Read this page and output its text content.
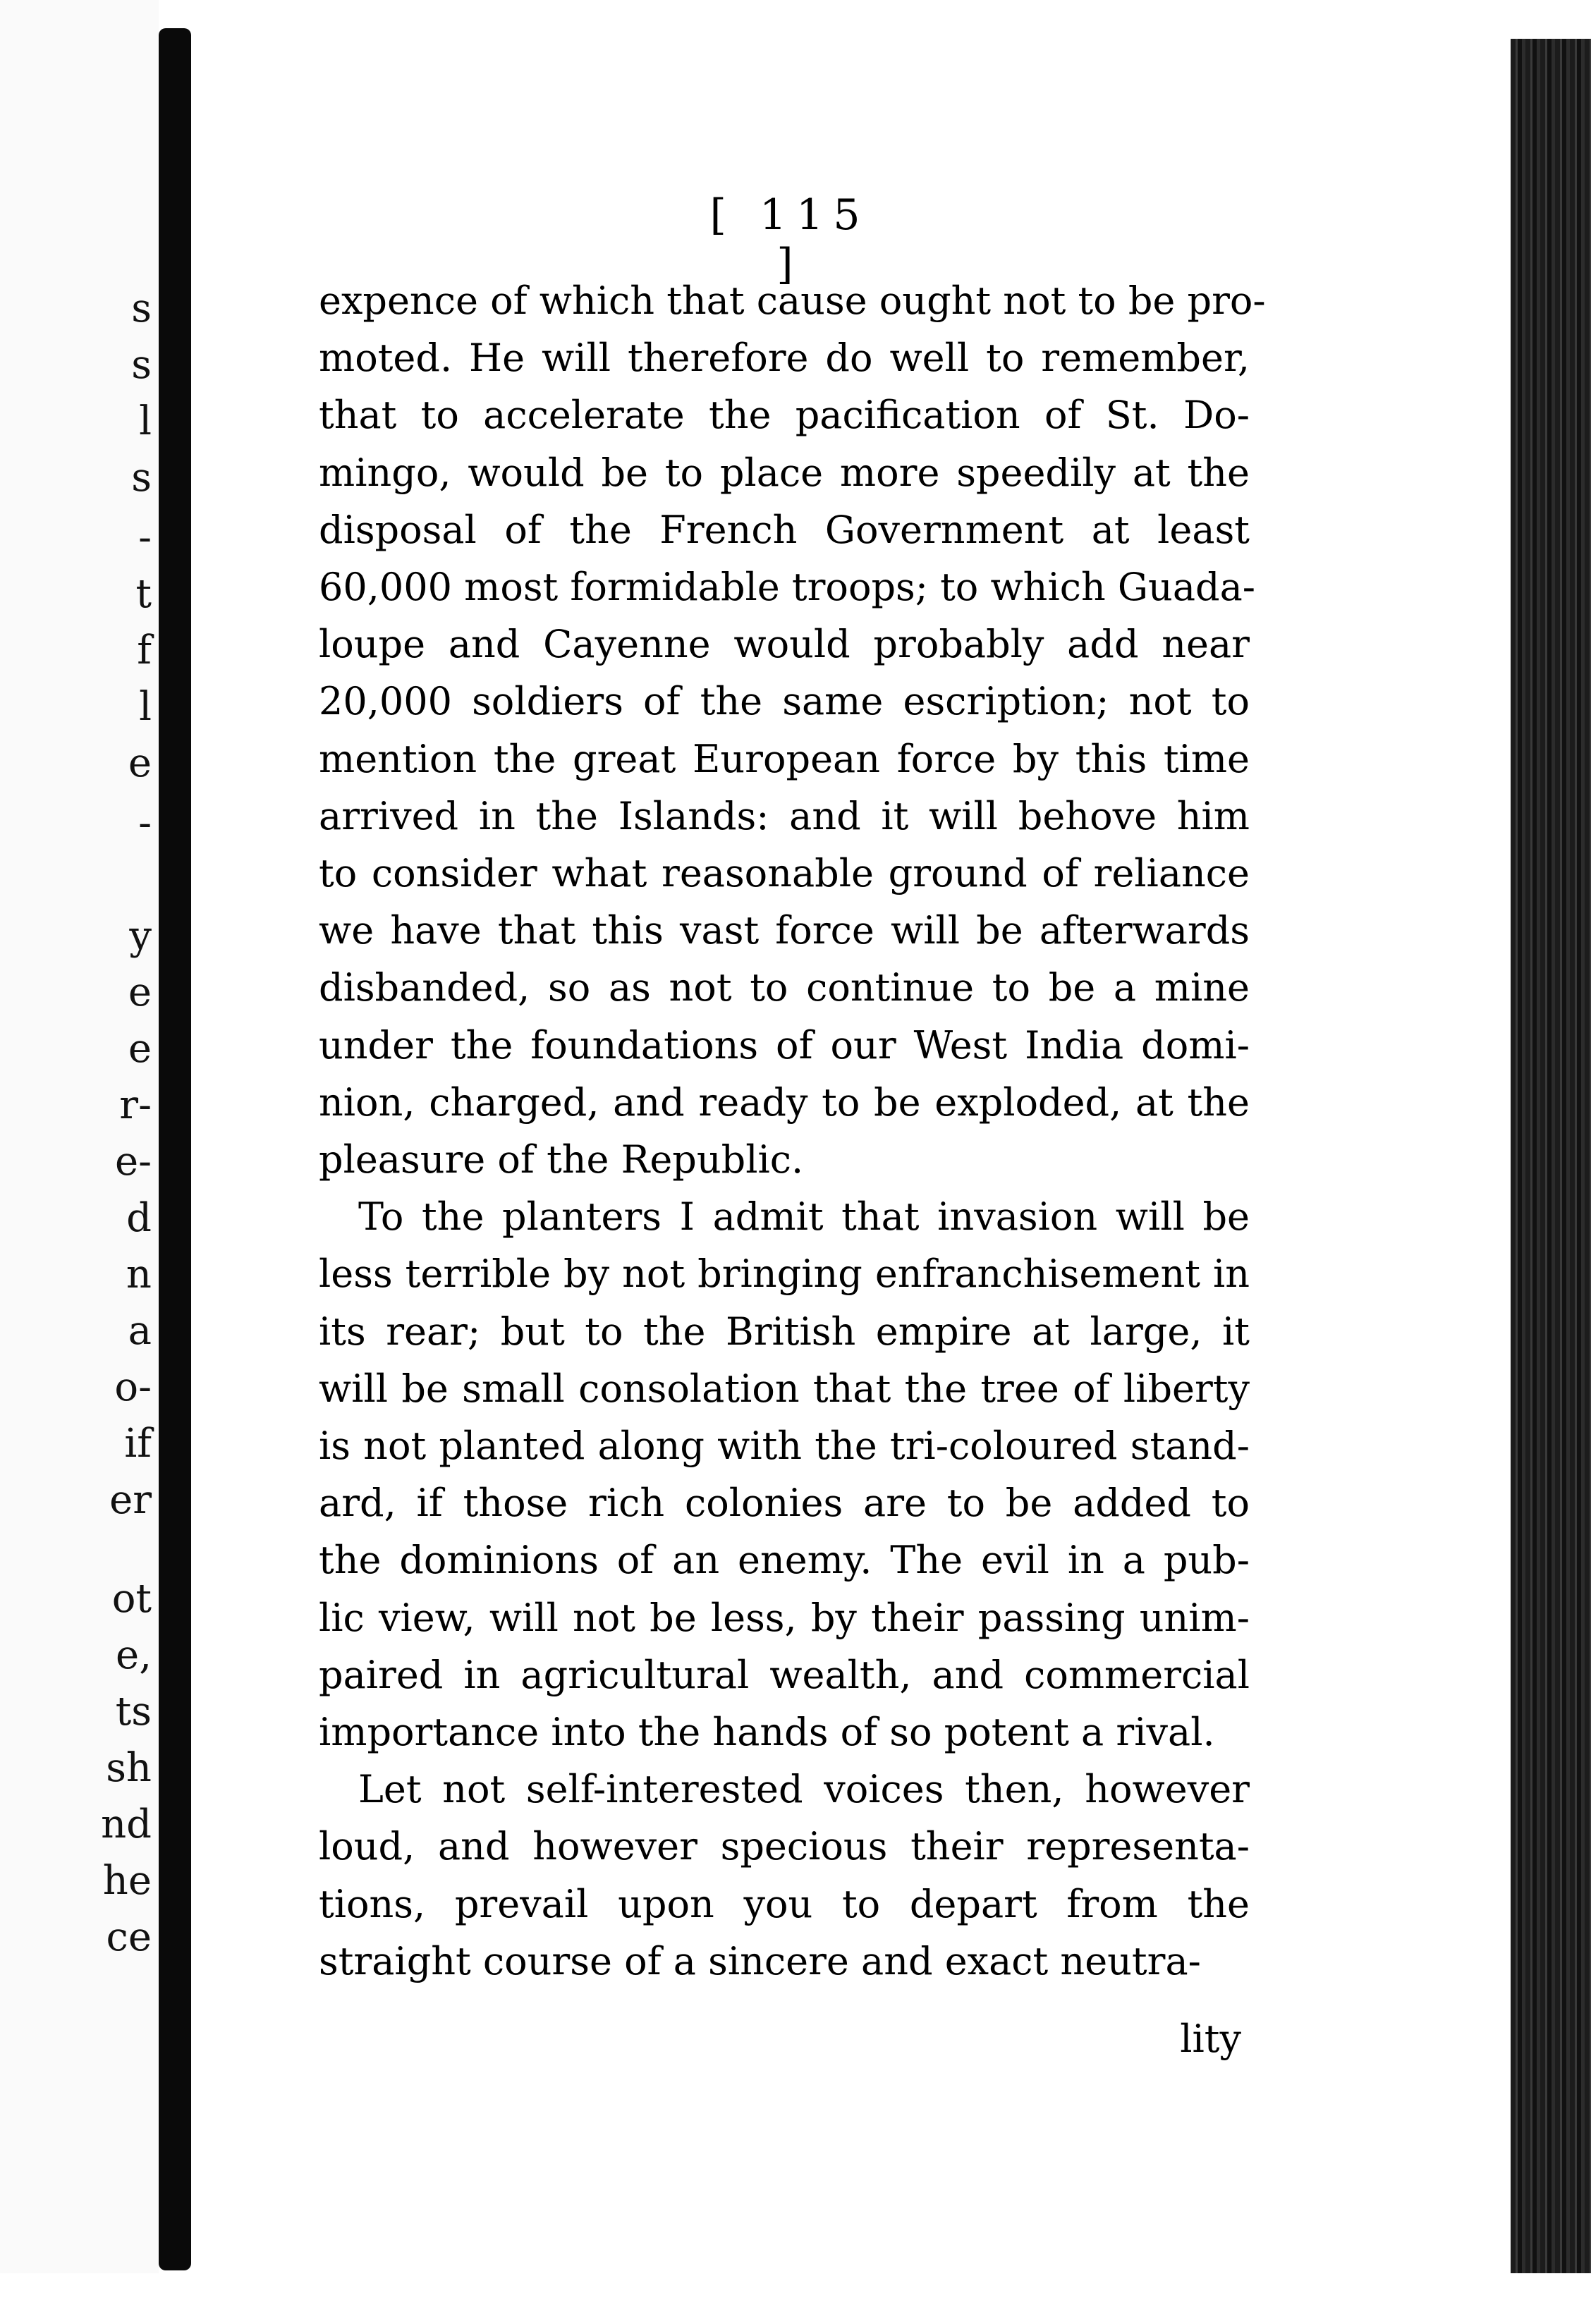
s
s
l
s
-
t
f
l
e
-
y
e
e
r-
e-
d
n
a
o-
if
er
ot
e,
ts
sh
nd
he
ce
[ 115 ]

expence of which that cause ought not to be pro-
moted. He will therefore do well to remember,
that to accelerate the pacification of St. Do-
mingo, would be to place more speedily at the
disposal of the French Government at least
60,000 most formidable troops; to which Guada-
loupe and Cayenne would probably add near
20,000 soldiers of the same escription; not to
mention the great European force by this time
arrived in the Islands: and it will behove him
to consider what reasonable ground of reliance
we have that this vast force will be afterwards
disbanded, so as not to continue to be a mine
under the foundations of our West India domi-
nion, charged, and ready to be exploded, at the
pleasure of the Republic.

To the planters I admit that invasion will be
less terrible by not bringing enfranchisement in
its rear; but to the British empire at large, it
will be small consolation that the tree of liberty
is not planted along with the tri-coloured stand-
ard, if those rich colonies are to be added to
the dominions of an enemy. The evil in a pub-
lic view, will not be less, by their passing unim-
paired in agricultural wealth, and commercial
importance into the hands of so potent a rival.

Let not self-interested voices then, however
loud, and however specious their representa-
tions, prevail upon you to depart from the
straight course of a sincere and exact neutra-

lity
